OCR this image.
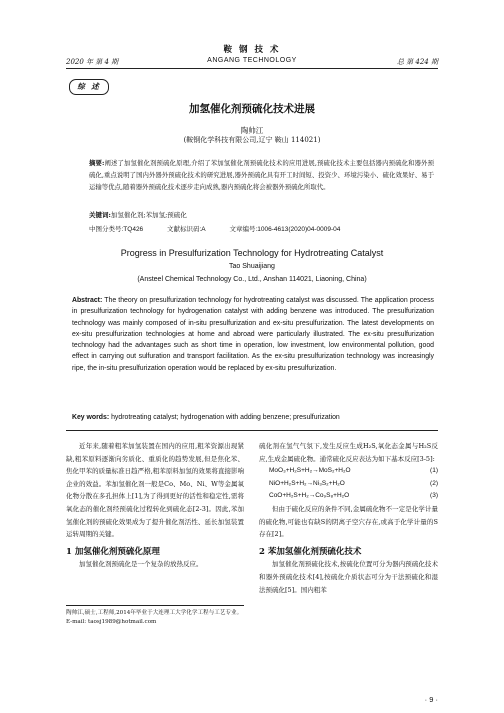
鞍 钢 技 术
2020 年 第 4 期	ANGANG TECHNOLOGY	总 第 424 期
综 述
加氢催化剂预硫化技术进展
陶帅江
(鞍钢化学科技有限公司,辽宁 鞍山 114021)
摘要:阐述了加氢催化剂预硫化原理,介绍了苯加氢催化剂预硫化技术的应用进展,预硫化技术主要包括器内预硫化和器外预硫化,重点说明了国内外器外预硫化技术的研究进展,器外预硫化具有开工时间短、投资少、环境污染小、硫化效果好、易于运输等优点,随着器外预硫化技术逐步走向成熟,器内预硫化将会被器外预硫化所取代。
关键词:加氢催化剂;苯加氢;预硫化
中图分类号:TQ426	文献标识码:A	文章编号:1006-4613(2020)04-0009-04
Progress in Presulfurization Technology for Hydrotreating Catalyst
Tao Shuaijiang
(Ansteel Chemical Technology Co., Ltd., Anshan 114021, Liaoning, China)
Abstract: The theory on presulfurization technology for hydrotreating catalyst was discussed. The application process in presulfurization technology for hydrogenation catalyst with adding benzene was introduced. The presulfurization technology was mainly composed of in-situ presulfurization and ex-situ presulfurization. The latest developments on ex-situ presulfurization technologies at home and abroad were particularly illustrated. The ex-situ presulfurization technology had the advantages such as short time in operation, low investment, low environmental pollution, good effect in carrying out sulfuration and transport facilitation. As the ex-situ presulfurization technology was increasingly ripe, the in-situ presulfurization operation would be replaced by ex-situ presulfurization.
Key words: hydrotreating catalyst; hydrogenation with adding benzene; presulfurization
近年来,随着粗苯加氢装置在国内的应用,粗苯资源出现紧缺,粗苯原料逐渐向劣质化、重质化的趋势发展,但是焦化苯、焦化甲苯的质量标准日趋严格,粗苯原料加氢的效果将直接影响企业的效益。苯加氢催化剂一般是Co、Mo、Ni、W等金属氧化物分散在多孔担体上[1],为了得到更好的活性和稳定性,需将氧化态的催化剂经预硫化过程转化到硫化态[2-3]。因此,苯加氢催化剂的预硫化效果成为了提升催化剂活性、延长加氢装置运转周期的关键。
1 加氢催化剂预硫化原理
加氢催化剂预硫化是一个复杂的放热反应。
陶帅江,硕士,工程师,2014年毕业于大连理工大学化学工程与工艺专业。E-mail: taosj1989@hotmail.com
硫化剂在氢气气氛下,发生反应生成H₂S,氧化态金属与H₂S反应,生成金属硫化物。通常硫化反应表达为如下基本反应[3-5]:
MoO₃+H₂S+H₂→MoS₂+H₂O	(1)
NiO+H₂S+H₂→Ni₃S₂+H₂O	(2)
CoO+H₂S+H₂→Co₉S₈+H₂O	(3)
但由于硫化反应的条件不同,金属硫化物不一定是化学计量的硫化物,可能也有缺S的阴离子空穴存在,或高于化学计量的S存在[2]。
2 苯加氢催化剂预硫化技术
加氢催化剂预硫化技术,按硫化位置可分为器内预硫化技术和器外预硫化技术[4],按硫化介质状态可分为干法预硫化和湿法预硫化[5]。国内粗苯
· 9 ·
